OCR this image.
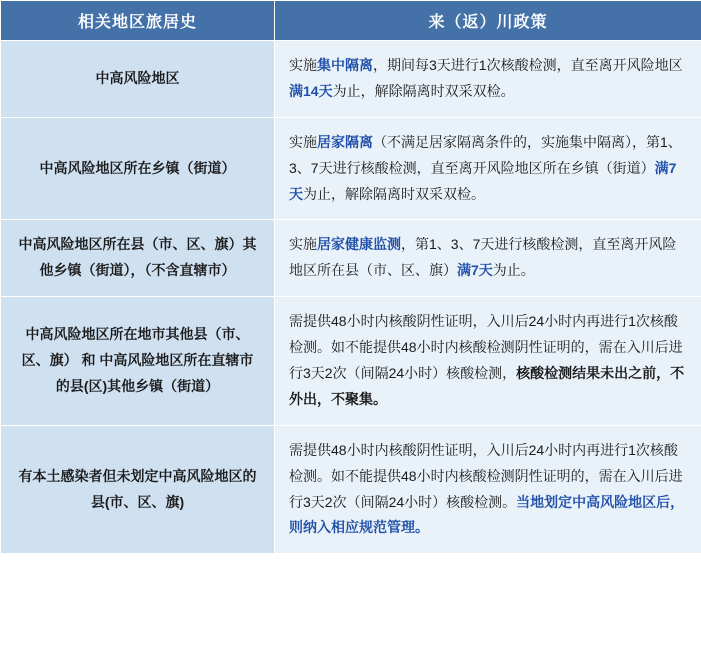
相关地区旅居史	来（返）川政策
中高风险地区	实施集中隔离，期间每3天进行1次核酸检测，直至离开风险地区满14天为止，解除隔离时双采双检。
中高风险地区所在乡镇（街道）	实施居家隔离（不满足居家隔离条件的，实施集中隔离），第1、3、7天进行核酸检测，直至离开风险地区所在乡镇（街道）满7天为止，解除隔离时双采双检。
中高风险地区所在县（市、区、旗）其他乡镇（街道），（不含直辖市）	实施居家健康监测，第1、3、7天进行核酸检测，直至离开风险地区所在县（市、区、旗）满7天为止。
中高风险地区所在地市其他县（市、区、旗） 和 中高风险地区所在直辖市的县(区)其他乡镇（街道）	需提供48小时内核酸阴性证明，入川后24小时内再进行1次核酸检测。如不能提供48小时内核酸检测阴性证明的，需在入川后进行3天2次（间隔24小时）核酸检测，核酸检测结果未出之前，不外出，不聚集。
有本土感染者但未划定中高风险地区的县(市、区、旗)	需提供48小时内核酸阴性证明，入川后24小时内再进行1次核酸检测。如不能提供48小时内核酸检测阴性证明的，需在入川后进行3天2次（间隔24小时）核酸检测。当地划定中高风险地区后，则纳入相应规范管理。
